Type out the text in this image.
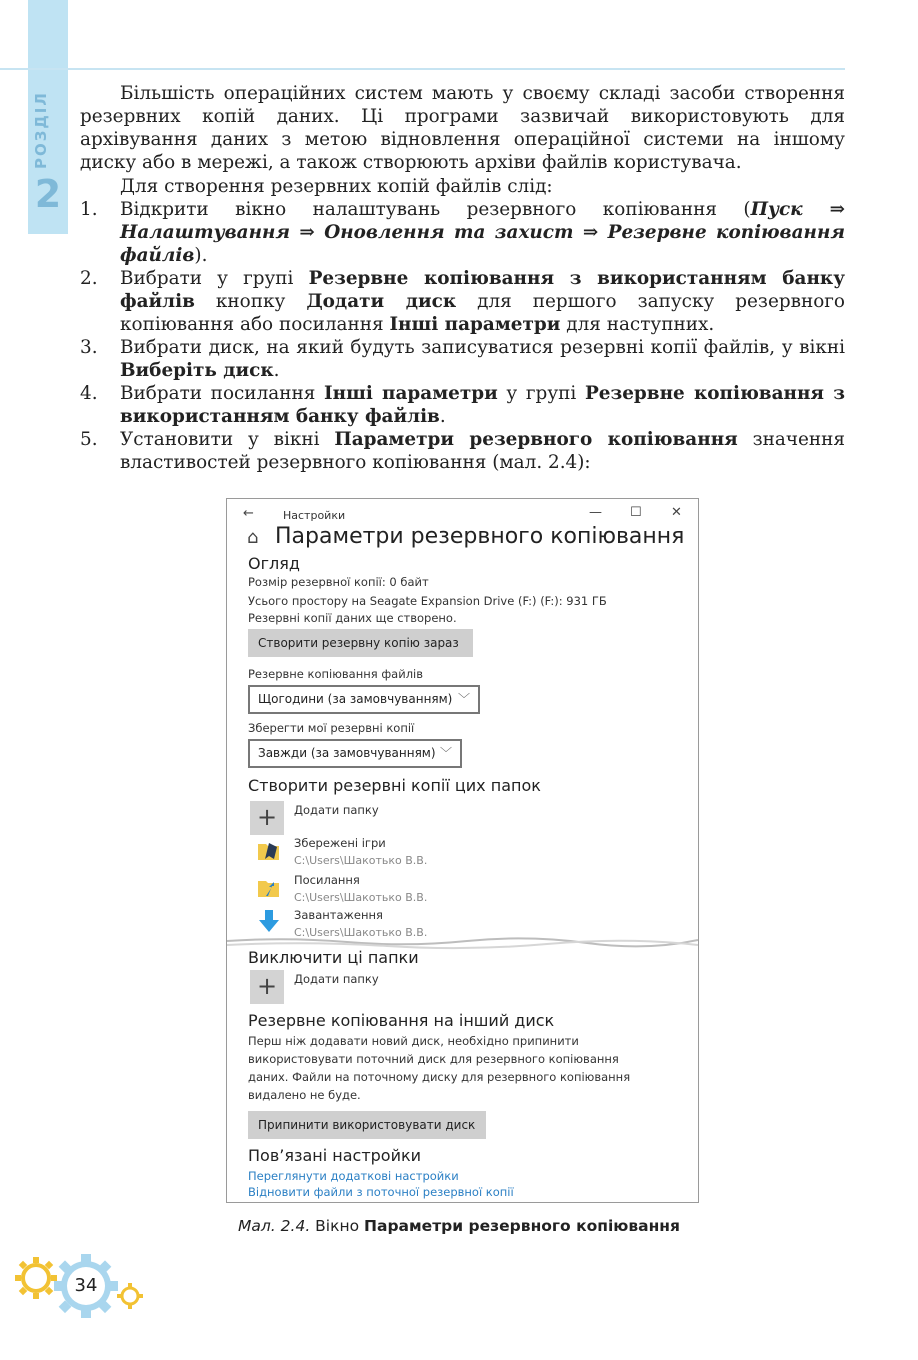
РОЗДІЛ
2
Більшість операційних систем мають у своєму складі засоби створення резервних копій даних. Ці програми зазвичай використовують для архівування даних з метою відновлення операційної системи на іншому диску або в мережі, а також створюють архіви файлів користувача.
Для створення резервних копій файлів слід:
1. Відкрити вікно налаштувань резервного копіювання (Пуск ⇒ Налаштування ⇒ Оновлення та захист ⇒ Резервне копіювання файлів).
2. Вибрати у групі Резервне копіювання з використанням банку файлів кнопку Додати диск для першого запуску резервного копіювання або посилання Інші параметри для наступних.
3. Вибрати диск, на який будуть записуватися резервні копії файлів, у вікні Виберіть диск.
4. Вибрати посилання Інші параметри у групі Резервне копіювання з використанням банку файлів.
5. Установити у вікні Параметри резервного копіювання значення властивостей резервного копіювання (мал. 2.4):
←	Настройки	— ☐ ✕
⌂ Параметри резервного копіювання
Огляд
Розмір резервної копії: 0 байт
Усього простору на Seagate Expansion Drive (F:) (F:): 931 ГБ
Резервні копії даних ще створено.
Створити резервну копію зараз
Резервне копіювання файлів
Щогодини (за замовчуванням) ﹀
Зберегти мої резервні копії
Завжди (за замовчуванням) ﹀
Створити резервні копії цих папок
+	Додати папку
Збережені ігри
C:\Users\Шакотько В.В.
Посилання
C:\Users\Шакотько В.В.
Завантаження
C:\Users\Шакотько В.В.
Виключити ці папки
+	Додати папку
Резервне копіювання на інший диск
Перш ніж додавати новий диск, необхідно припинити
використовувати поточний диск для резервного копіювання
даних. Файли на поточному диску для резервного копіювання
видалено не буде.
Припинити використовувати диск
Пов’язані настройки
Переглянути додаткові настройки
Відновити файли з поточної резервної копії
Мал. 2.4. Вікно Параметри резервного копіювання
34
